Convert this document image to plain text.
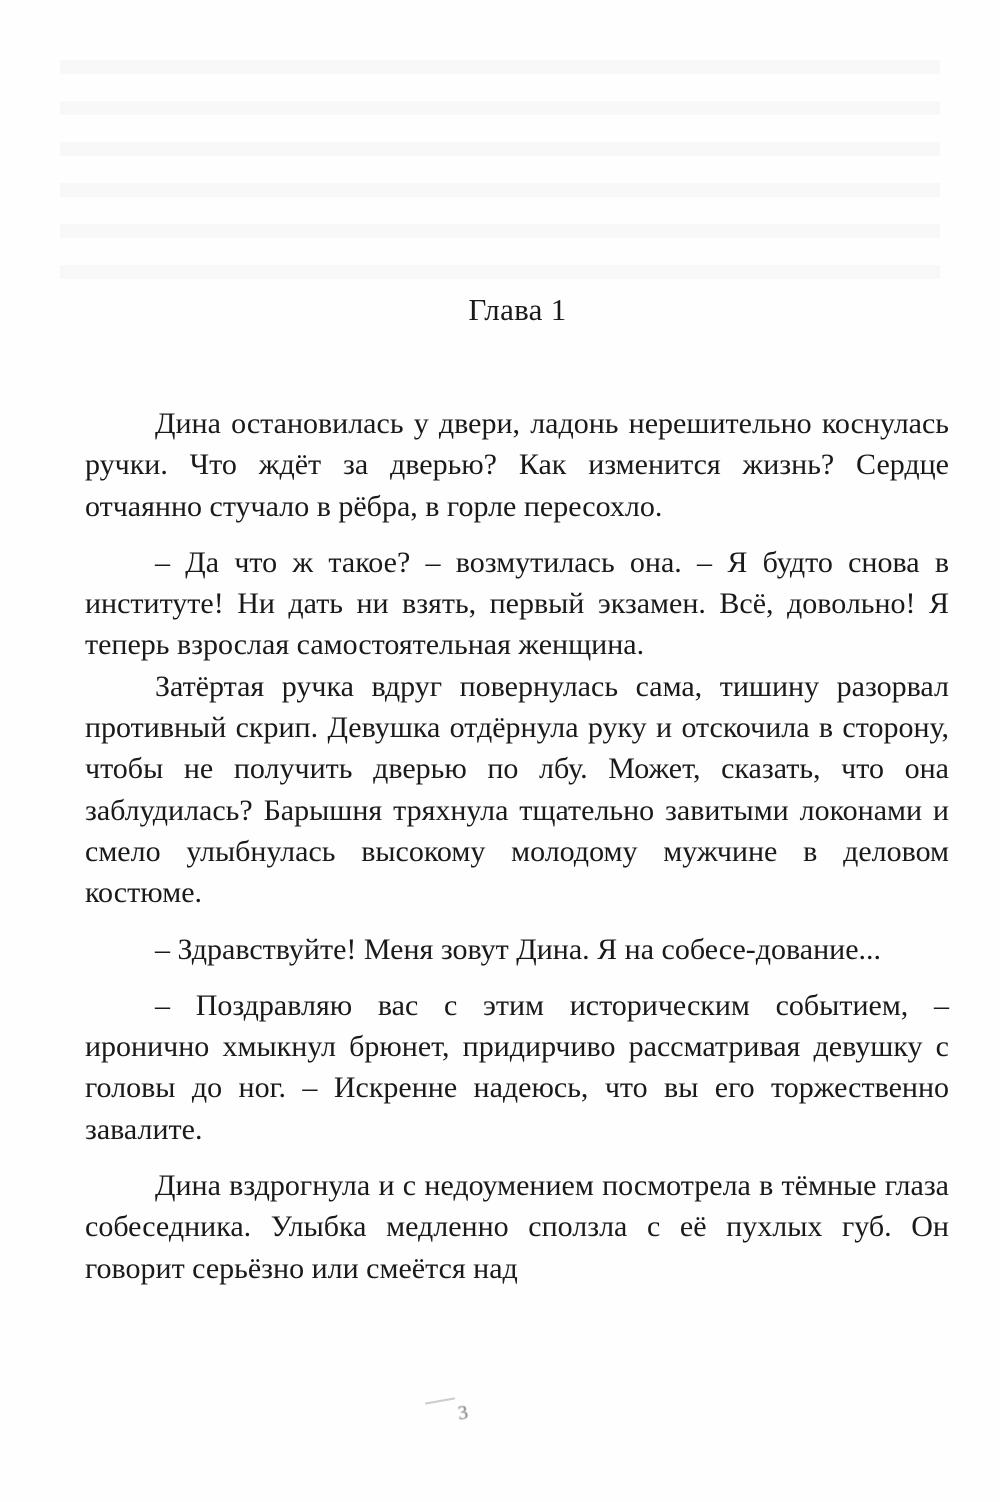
Глава 1

Дина остановилась у двери, ладонь нерешительно коснулась ручки. Что ждёт за дверью? Как изменится жизнь? Сердце отчаянно стучало в рёбра, в горле пересохло.

– Да что ж такое? – возмутилась она. – Я будто снова в институте! Ни дать ни взять, первый экзамен. Всё, довольно! Я теперь взрослая самостоятельная женщина.

Затёртая ручка вдруг повернулась сама, тишину разорвал противный скрип. Девушка отдёрнула руку и отскочила в сторону, чтобы не получить дверью по лбу. Может, сказать, что она заблудилась? Барышня тряхнула тщательно завитыми локонами и смело улыбнулась высокому молодому мужчине в деловом костюме.

– Здравствуйте! Меня зовут Дина. Я на собесе-дование...

– Поздравляю вас с этим историческим событием, – иронично хмыкнул брюнет, придирчиво рассматривая девушку с головы до ног. – Искренне надеюсь, что вы его торжественно завалите.

Дина вздрогнула и с недоумением посмотрела в тёмные глаза собеседника. Улыбка медленно сползла с её пухлых губ. Он говорит серьёзно или смеётся над

3
